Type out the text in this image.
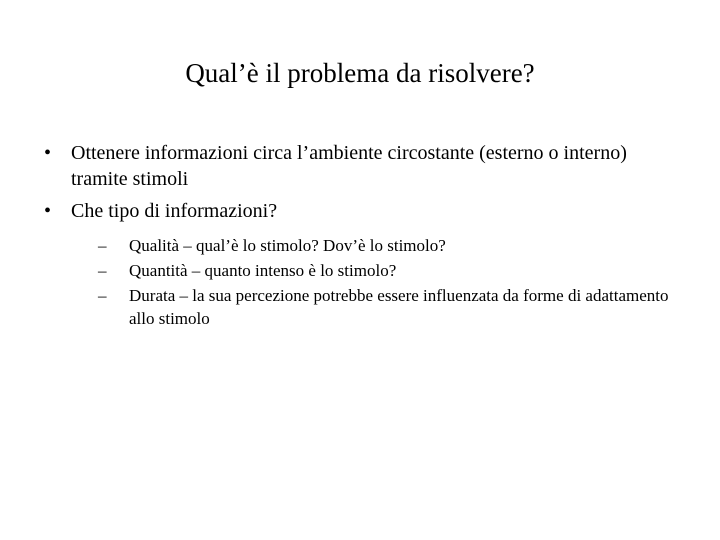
Qual’è il problema da risolvere?
• Ottenere informazioni circa l’ambiente circostante (esterno o interno) tramite stimoli
• Che tipo di informazioni?
– Qualità – qual’è lo stimolo? Dov’è lo stimolo?
– Quantità – quanto intenso è lo stimolo?
– Durata – la sua percezione potrebbe essere influenzata da forme di adattamento allo stimolo
